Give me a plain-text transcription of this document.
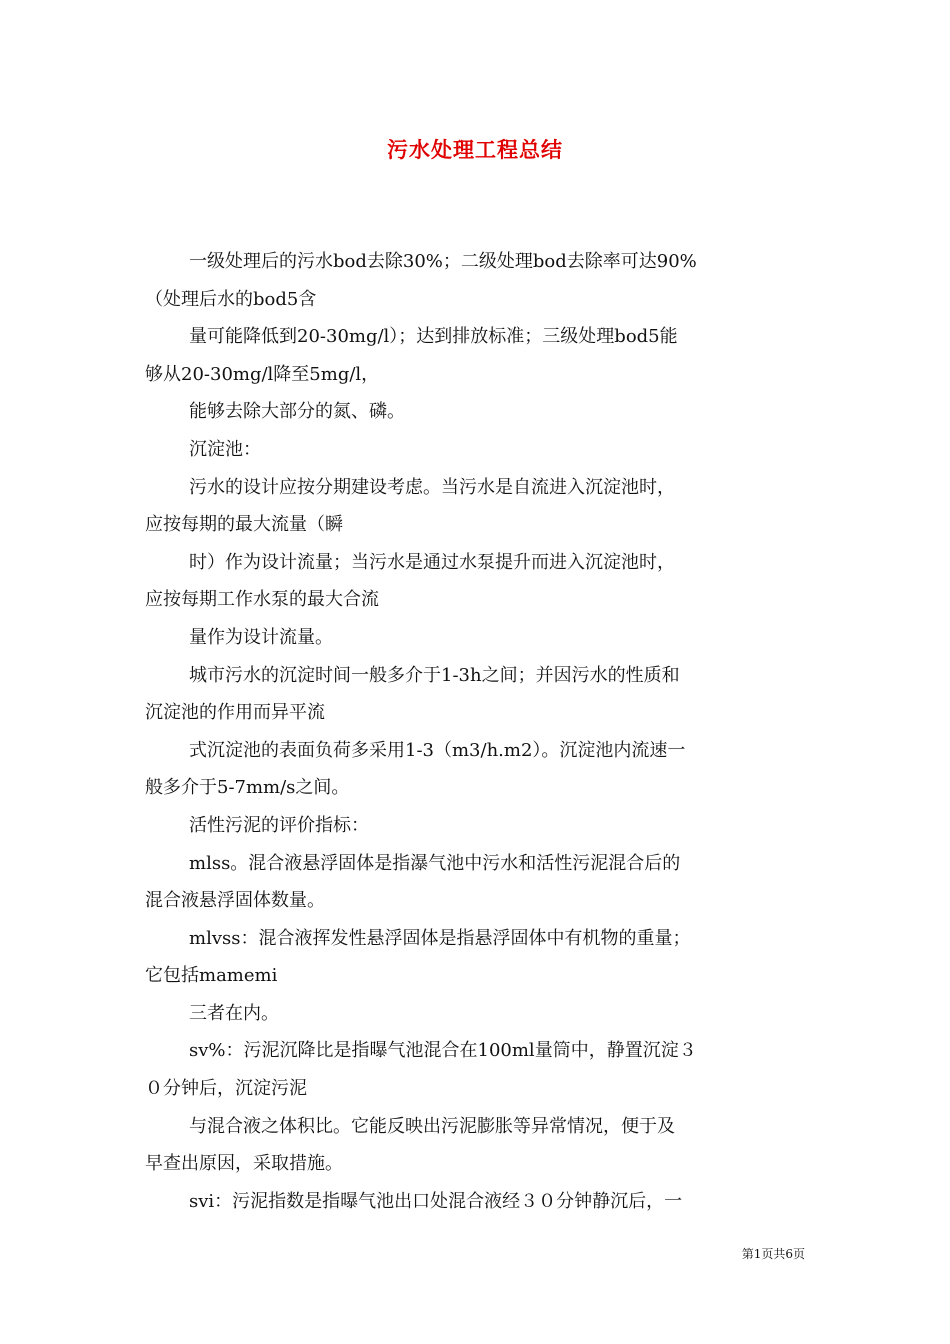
污水处理工程总结
一级处理后的污水bod去除30%；二级处理bod去除率可达90%
（处理后水的bod5含
量可能降低到20-30mg/l）；达到排放标准；三级处理bod5能
够从20-30mg/l降至5mg/l，
能够去除大部分的氮、磷。
沉淀池：
污水的设计应按分期建设考虑。当污水是自流进入沉淀池时，
应按每期的最大流量（瞬
时）作为设计流量；当污水是通过水泵提升而进入沉淀池时，
应按每期工作水泵的最大合流
量作为设计流量。
城市污水的沉淀时间一般多介于1-3h之间；并因污水的性质和
沉淀池的作用而异平流
式沉淀池的表面负荷多采用1-3（m3/h.m2）。沉淀池内流速一
般多介于5-7mm/s之间。
活性污泥的评价指标：
mlss。混合液悬浮固体是指瀑气池中污水和活性污泥混合后的
混合液悬浮固体数量。
mlvss：混合液挥发性悬浮固体是指悬浮固体中有机物的重量；
它包括mamemi
三者在内。
sv%：污泥沉降比是指曝气池混合在100ml量筒中，静置沉淀３
０分钟后，沉淀污泥
与混合液之体积比。它能反映出污泥膨胀等异常情况，便于及
早查出原因，采取措施。
svi：污泥指数是指曝气池出口处混合液经３０分钟静沉后，一
第1页共6页
